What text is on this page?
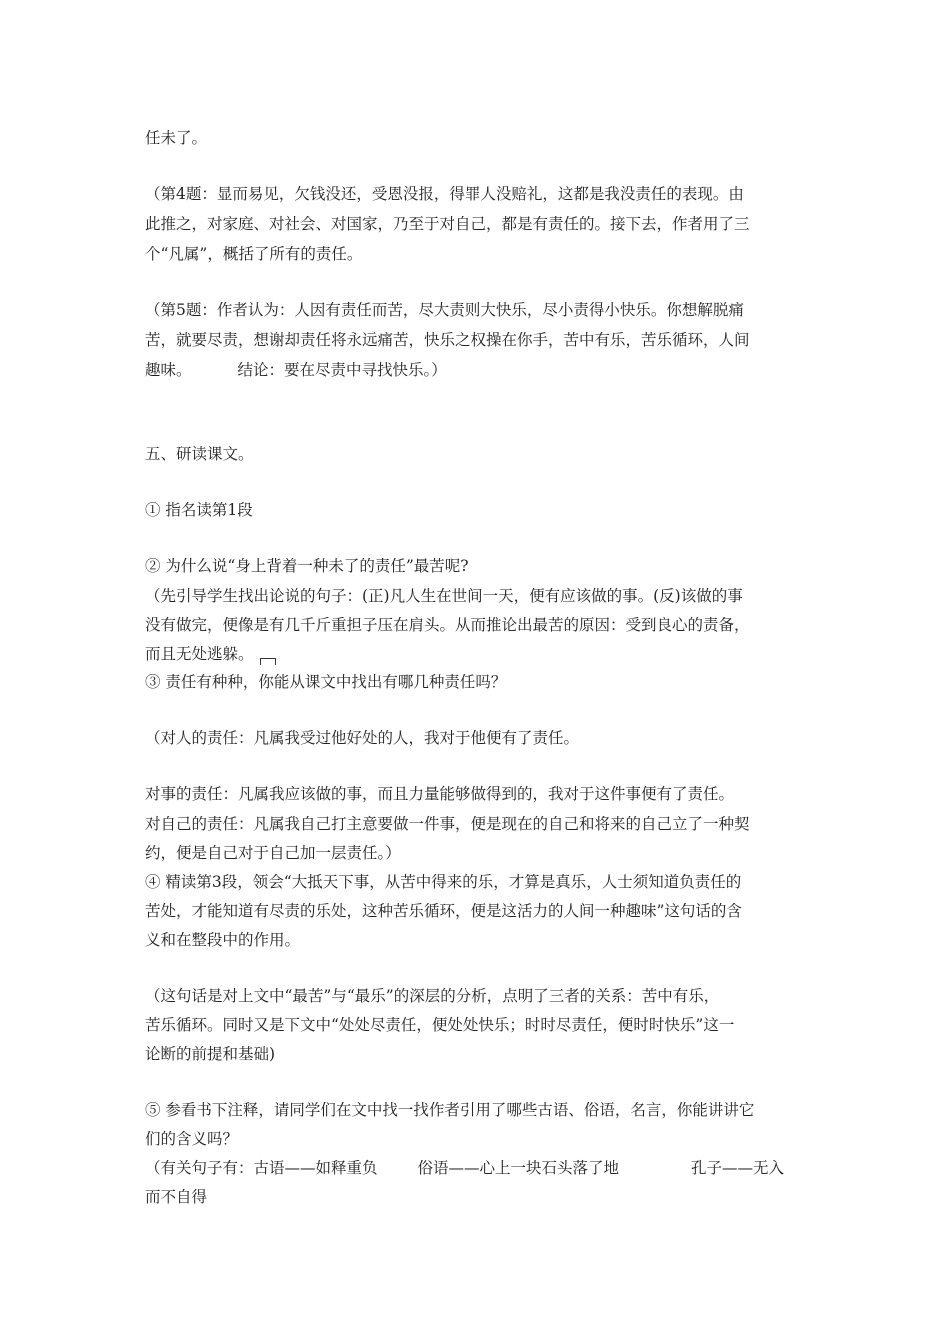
任未了。
（第4题：显而易见，欠钱没还，受恩没报，得罪人没赔礼，这都是我没责任的表现。由
此推之，对家庭、对社会、对国家，乃至于对自己，都是有责任的。接下去，作者用了三
个“凡属”，概括了所有的责任。
（第5题：作者认为：人因有责任而苦，尽大责则大快乐，尽小责得小快乐。你想解脱痛
苦，就要尽责，想谢却责任将永远痛苦，快乐之权操在你手，苦中有乐，苦乐循环，人间
趣味。	结论：要在尽责中寻找快乐。）
五、研读课文。
① 指名读第1段
② 为什么说“身上背着一种未了的责任”最苦呢?
（先引导学生找出论说的句子：(正)凡人生在世间一天，便有应该做的事。(反)该做的事
没有做完，便像是有几千斤重担子压在肩头。从而推论出最苦的原因：受到良心的责备，
而且无处逃躲。
③ 责任有种种，你能从课文中找出有哪几种责任吗？
（对人的责任：凡属我受过他好处的人，我对于他便有了责任。
对事的责任：凡属我应该做的事，而且力量能够做得到的，我对于这件事便有了责任。
对自己的责任：凡属我自己打主意要做一件事，便是现在的自己和将来的自己立了一种契
约，便是自己对于自己加一层责任。）
④ 精读第3段，领会“大抵天下事，从苦中得来的乐，才算是真乐，人士须知道负责任的
苦处，才能知道有尽责的乐处，这种苦乐循环，便是这活力的人间一种趣味”这句话的含
义和在整段中的作用。
（这句话是对上文中“最苦”与“最乐”的深层的分析，点明了三者的关系：苦中有乐，
苦乐循环。同时又是下文中“处处尽责任，便处处快乐；时时尽责任，便时时快乐”这一
论断的前提和基础)
⑤ 参看书下注释，请同学们在文中找一找作者引用了哪些古语、俗语，名言，你能讲讲它
们的含义吗？
（有关句子有：古语——如释重负	俗语——心上一块石头落了地	孔子——无入
而不自得
